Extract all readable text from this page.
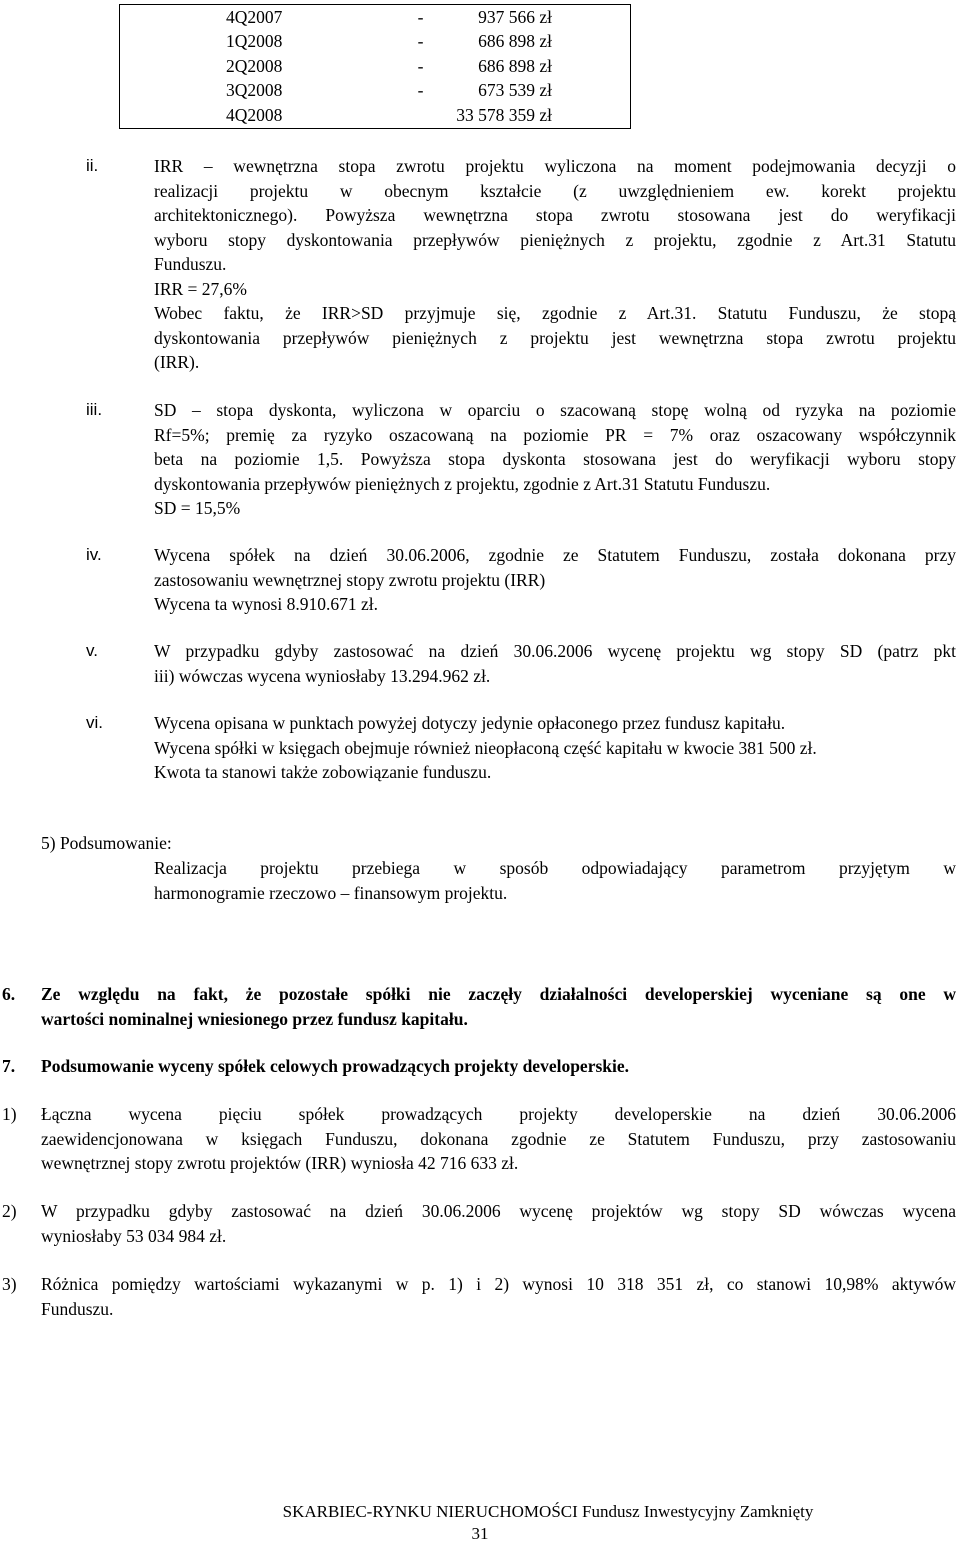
4Q2007	-	937 566 zł
1Q2008	-	686 898 zł
2Q2008	-	686 898 zł
3Q2008	-	673 539 zł
4Q2008		33 578 359 zł
ii.	IRR – wewnętrzna stopa zwrotu projektu wyliczona na moment podejmowania decyzji o
realizacji projektu w obecnym kształcie (z uwzględnieniem ew. korekt projektu
architektonicznego). Powyższa wewnętrzna stopa zwrotu stosowana jest do weryfikacji
wyboru stopy dyskontowania przepływów pieniężnych z projektu, zgodnie z Art.31 Statutu
Funduszu.
IRR = 27,6%
Wobec faktu, że IRR>SD przyjmuje się, zgodnie z Art.31. Statutu Funduszu, że stopą
dyskontowania przepływów pieniężnych z projektu jest wewnętrzna stopa zwrotu projektu
(IRR).
iii.	SD – stopa dyskonta, wyliczona w oparciu o szacowaną stopę wolną od ryzyka na poziomie
Rf=5%; premię za ryzyko oszacowaną na poziomie PR = 7% oraz oszacowany współczynnik
beta na poziomie 1,5. Powyższa stopa dyskonta stosowana jest do weryfikacji wyboru stopy
dyskontowania przepływów pieniężnych z projektu, zgodnie z Art.31 Statutu Funduszu.
SD = 15,5%
iv.	Wycena spółek na dzień 30.06.2006, zgodnie ze Statutem Funduszu, została dokonana przy
zastosowaniu wewnętrznej stopy zwrotu projektu (IRR)
Wycena ta wynosi 8.910.671 zł.
v.	W przypadku gdyby zastosować na dzień 30.06.2006 wycenę projektu wg stopy SD (patrz pkt
iii) wówczas wycena wyniosłaby 13.294.962 zł.
vi.	Wycena opisana w punktach powyżej dotyczy jedynie opłaconego przez fundusz kapitału.
Wycena spółki w księgach obejmuje również nieopłaconą część kapitału w kwocie 381 500 zł.
Kwota ta stanowi także zobowiązanie funduszu.
5) Podsumowanie:
Realizacja projektu przebiega w sposób odpowiadający parametrom przyjętym w
harmonogramie rzeczowo – finansowym projektu.
6. Ze względu na fakt, że pozostałe spółki nie zaczęły działalności developerskiej wyceniane są one w
wartości nominalnej wniesionego przez fundusz kapitału.
7. Podsumowanie wyceny spółek celowych prowadzących projekty developerskie.
1) Łączna wycena pięciu spółek prowadzących projekty developerskie na dzień 30.06.2006
zaewidencjonowana w księgach Funduszu, dokonana zgodnie ze Statutem Funduszu, przy zastosowaniu
wewnętrznej stopy zwrotu projektów (IRR) wyniosła 42 716 633 zł.
2) W przypadku gdyby zastosować na dzień 30.06.2006 wycenę projektów wg stopy SD wówczas wycena
wyniosłaby 53 034 984 zł.
3) Różnica pomiędzy wartościami wykazanymi w p. 1) i 2) wynosi 10 318 351 zł, co stanowi 10,98% aktywów
Funduszu.
SKARBIEC-RYNKU NIERUCHOMOŚCI Fundusz Inwestycyjny Zamknięty
31
